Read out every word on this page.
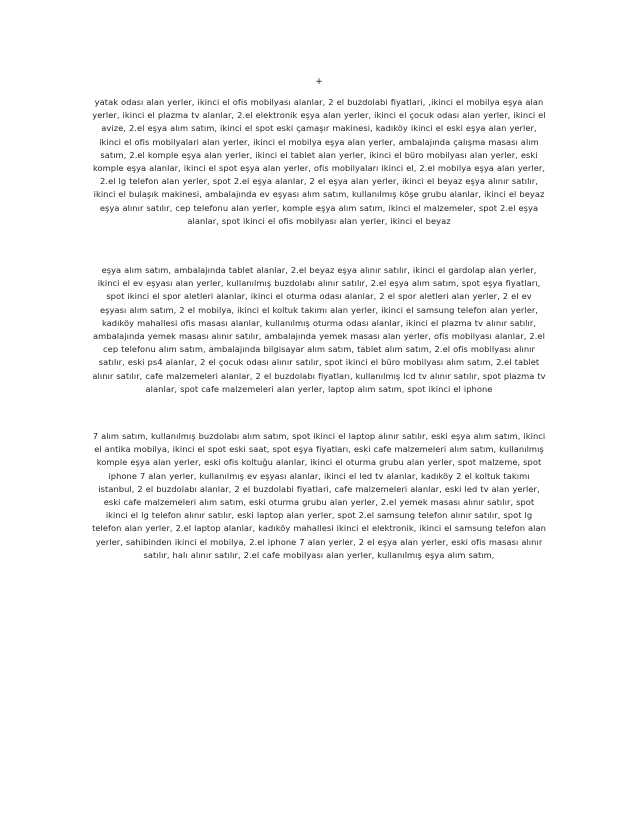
+

yatak odası alan yerler, ikinci el ofis mobilyası alanlar, 2 el buzdolabi fiyatlari, ,ikinci el mobilya eşya alan yerler, ikinci el plazma tv alanlar, 2.el elektronik eşya alan yerler, ikinci el çocuk odası alan yerler, ikinci el avize, 2.el eşya alım satım, ikinci el spot eski çamaşır makinesi, kadıköy ikinci el eski eşya alan yerler, ikinci el ofis mobilyalari alan yerler, ikinci el mobilya eşya alan yerler, ambalajında çalışma masası alım satım, 2.el komple eşya alan yerler, ikinci el tablet alan yerler, ikinci el büro mobilyası alan yerler, eski komple eşya alanlar, ikinci el spot eşya alan yerler, ofis mobilyaları ikinci el, 2.el mobilya eşya alan yerler, 2.el lg telefon alan yerler, spot 2.el eşya alanlar, 2 el eşya alan yerler, ikinci el beyaz eşya alınır satılır, ikinci el bulaşık makinesi, ambalajında ev eşyası alım satım, kullanılmış köşe grubu alanlar, ikinci el beyaz eşya alınır satılır, cep telefonu alan yerler, komple eşya alım satım, ikinci el malzemeler, spot 2.el eşya alanlar, spot ikinci el ofis mobilyası alan yerler, ikinci el beyaz

eşya alım satım, ambalajında tablet alanlar, 2.el beyaz eşya alınır satılır, ikinci el gardolap alan yerler, ikinci el ev eşyası alan yerler, kullanılmış buzdolabı alınır satılır, 2.el eşya alım satım, spot eşya fiyatları, spot ikinci el spor aletleri alanlar, ikinci el oturma odası alanlar, 2 el spor aletleri alan yerler, 2 el ev eşyası alım satım, 2 el mobilya, ikinci el koltuk takımı alan yerler, ikinci el samsung telefon alan yerler, kadıköy mahallesi ofis masası alanlar, kullanılmış oturma odası alanlar, ikinci el plazma tv alınır satılır, ambalajında yemek masası alınır satılır, ambalajında yemek masası alan yerler, ofis mobilyası alanlar, 2.el cep telefonu alım satım, ambalajında bilgisayar alım satım, tablet alım satım, 2.el ofis mobilyası alınır satılır, eski ps4 alanlar, 2 el çocuk odası alınır satılır, spot ikinci el büro mobilyası alım satım, 2.el tablet alınır satılır, cafe malzemeleri alanlar, 2 el buzdolabı fiyatları, kullanılmış lcd tv alınır satılır, spot plazma tv alanlar, spot cafe malzemeleri alan yerler, laptop alım satım, spot ikinci el iphone

7 alım satım, kullanılmış buzdolabı alım satım, spot ikinci el laptop alınır satılır, eski eşya alım satım, ikinci el antika mobilya, ikinci el spot eski saat, spot eşya fiyatları, eski cafe malzemeleri alım satım, kullanılmış komple eşya alan yerler, eski ofis koltuğu alanlar, ikinci el oturma grubu alan yerler, spot malzeme, spot iphone 7 alan yerler, kullanılmış ev eşyası alanlar, ikinci el led tv alanlar, kadıköy 2 el koltuk takımı istanbul, 2 el buzdolabı alanlar, 2 el buzdolabi fiyatlari, cafe malzemeleri alanlar, eski led tv alan yerler, eski cafe malzemeleri alım satım, eski oturma grubu alan yerler, 2.el yemek masası alınır satılır, spot ikinci el lg telefon alınır satılır, eski laptop alan yerler, spot 2.el samsung telefon alınır satılır, spot lg telefon alan yerler, 2.el laptop alanlar, kadıköy mahallesi ikinci el elektronik, ikinci el samsung telefon alan yerler, sahibinden ikinci el mobilya, 2.el iphone 7 alan yerler, 2 el eşya alan yerler, eski ofis masası alınır satılır, halı alınır satılır, 2.el cafe mobilyası alan yerler, kullanılmış eşya alım satım,
